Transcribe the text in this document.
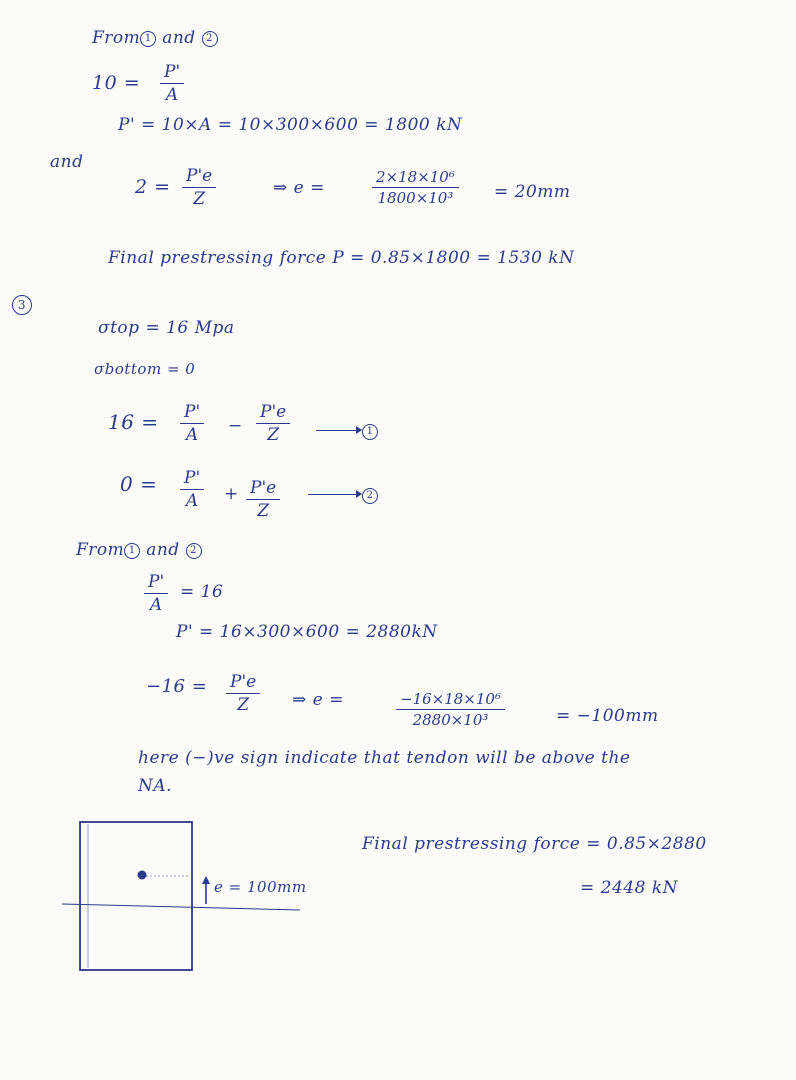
From 1 and 2
10 = P'
A
P' = 10×A = 10×300×600 = 1800 kN
and
2 = P'e
Z
⇒ e =
2×18×10⁶
1800×10³	= 20mm
Final prestressing force P = 0.85×1800 = 1530 kN
3
σtop = 16 Mpa
σbottom = 0
16 = P'
A	−
P'e
Z	1
0 = P'
A	+ P'e
Z
2
From 1 and 2
P'
A
= 16
P' = 16×300×600 = 2880kN
−16 = P'e
Z	⇒ e =	−16×18×10⁶
2880×10³	= −100mm
here (−)ve sign indicate that tendon will be above the
NA.
e = 100mm
Final prestressing force = 0.85×2880
= 2448 kN
